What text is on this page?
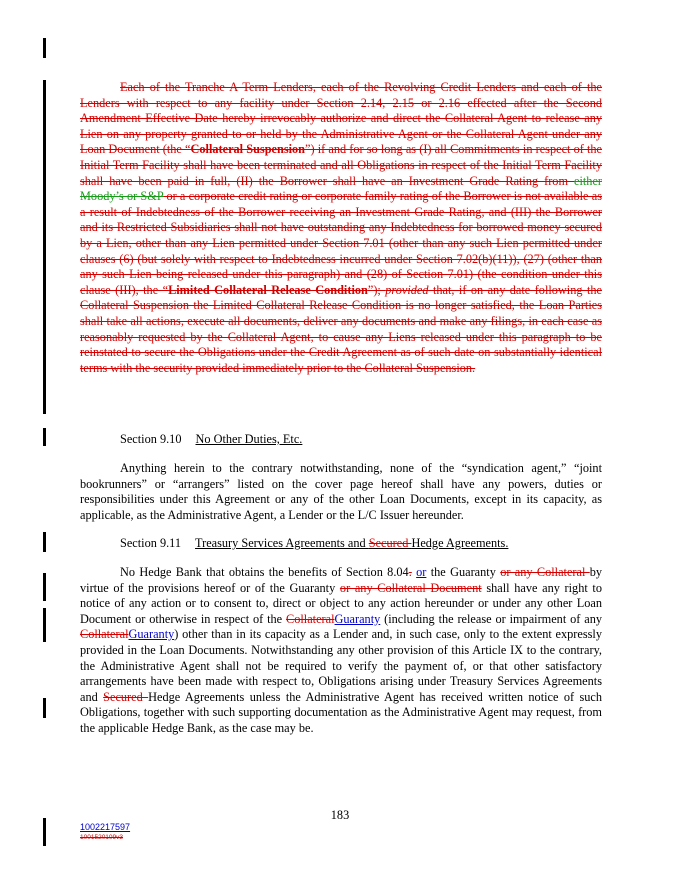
Each of the Tranche A Term Lenders, each of the Revolving Credit Lenders and each of the Lenders with respect to any facility under Section 2.14, 2.15 or 2.16 effected after the Second Amendment Effective Date hereby irrevocably authorize and direct the Collateral Agent to release any Lien on any property granted to or held by the Administrative Agent or the Collateral Agent under any Loan Document (the “Collateral Suspension”) if and for so long as (I) all Commitments in respect of the Initial Term Facility shall have been terminated and all Obligations in respect of the Initial Term Facility shall have been paid in full, (II) the Borrower shall have an Investment Grade Rating from either Moody’s or S&P or a corporate credit rating or corporate family rating of the Borrower is not available as a result of Indebtedness of the Borrower receiving an Investment Grade Rating, and (III) the Borrower and its Restricted Subsidiaries shall not have outstanding any Indebtedness for borrowed money secured by a Lien, other than any Lien permitted under Section 7.01 (other than any such Lien permitted under clauses (6) (but solely with respect to Indebtedness incurred under Section 7.02(b)(11)), (27) (other than any such Lien being released under this paragraph) and (28) of Section 7.01) (the condition under this clause (III), the “Limited Collateral Release Condition”); provided that, if on any date following the Collateral Suspension the Limited Collateral Release Condition is no longer satisfied, the Loan Parties shall take all actions, execute all documents, deliver any documents and make any filings, in each case as reasonably requested by the Collateral Agent, to cause any Liens released under this paragraph to be reinstated to secure the Obligations under the Credit Agreement as of such date on substantially identical terms with the security provided immediately prior to the Collateral Suspension.
Section 9.10 No Other Duties, Etc.
Anything herein to the contrary notwithstanding, none of the “syndication agent,” “joint bookrunners” or “arrangers” listed on the cover page hereof shall have any powers, duties or responsibilities under this Agreement or any of the other Loan Documents, except in its capacity, as applicable, as the Administrative Agent, a Lender or the L/C Issuer hereunder.
Section 9.11 Treasury Services Agreements and Secured Hedge Agreements.
No Hedge Bank that obtains the benefits of Section 8.04. or the Guaranty or any Collateral by virtue of the provisions hereof or of the Guaranty or any Collateral Document shall have any right to notice of any action or to consent to, direct or object to any action hereunder or under any other Loan Document or otherwise in respect of the CollateralGuaranty (including the release or impairment of any CollateralGuaranty) other than in its capacity as a Lender and, in such case, only to the extent expressly provided in the Loan Documents. Notwithstanding any other provision of this Article IX to the contrary, the Administrative Agent shall not be required to verify the payment of, or that other satisfactory arrangements have been made with respect to, Obligations arising under Treasury Services Agreements and Secured Hedge Agreements unless the Administrative Agent has received written notice of such Obligations, together with such supporting documentation as the Administrative Agent may request, from the applicable Hedge Bank, as the case may be.
183
1002217597
1001520109v3
